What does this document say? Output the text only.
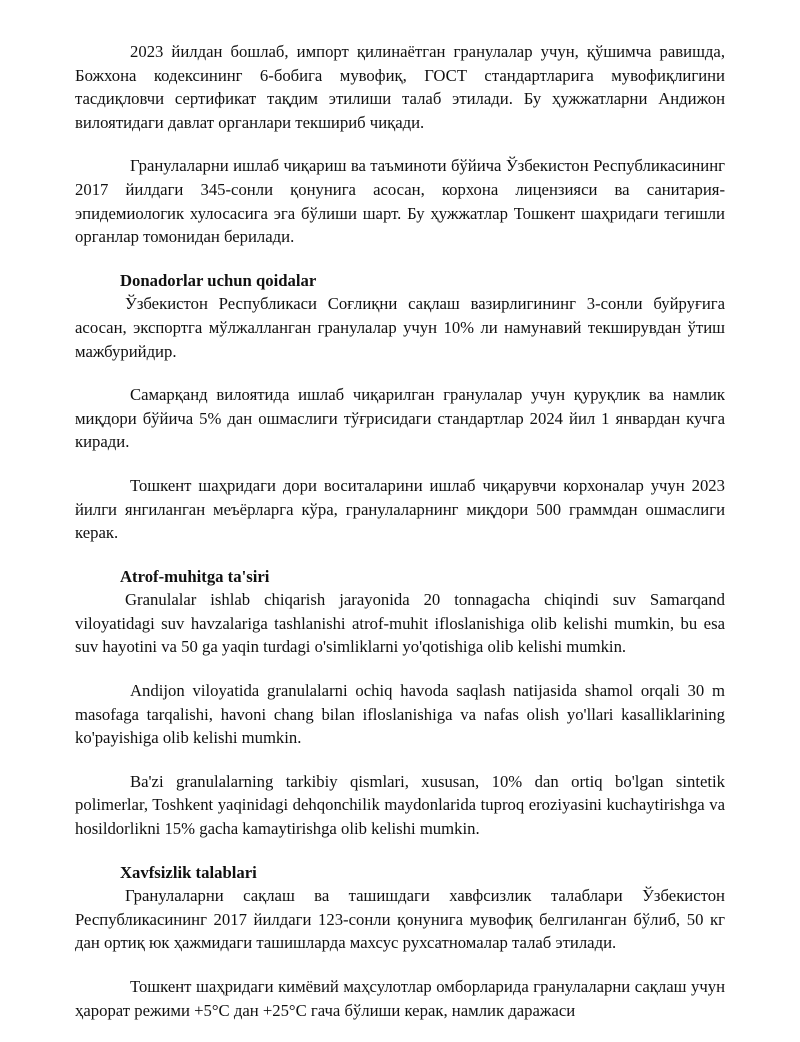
2023 йилдан бошлаб, импорт қилинаётган гранулалар учун, қўшимча равишда, Божхона кодексининг 6-бобига мувофиқ, ГОСТ стандартларига мувофиқлигини тасдиқловчи сертификат тақдим этилиши талаб этилади. Бу ҳужжатларни Андижон вилоятидаги давлат органлари текшириб чиқади.

Гранулаларни ишлаб чиқариш ва таъминоти бўйича Ўзбекистон Республикасининг 2017 йилдаги 345-сонли қонунига асосан, корхона лицензияси ва санитария-эпидемиологик хулосасига эга бўлиши шарт. Бу ҳужжатлар Тошкент шаҳридаги тегишли органлар томонидан берилади.

Donadorlar uchun qoidalar

Ўзбекистон Республикаси Соғлиқни сақлаш вазирлигининг 3-сонли буйруғига асосан, экспортга мўлжалланган гранулалар учун 10% ли намунавий текширувдан ўтиш мажбурийдир.

Самарқанд вилоятида ишлаб чиқарилган гранулалар учун қуруқлик ва намлик миқдори бўйича 5% дан ошмаслиги тўғрисидаги стандартлар 2024 йил 1 январдан кучга киради.

Тошкент шаҳридаги дори воситаларини ишлаб чиқарувчи корхоналар учун 2023 йилги янгиланган меъёрларга кўра, гранулаларнинг миқдори 500 граммдан ошмаслиги керак.

Atrof-muhitga ta'siri

Granulalar ishlab chiqarish jarayonida 20 tonnagacha chiqindi suv Samarqand viloyatidagi suv havzalariga tashlanishi atrof-muhit ifloslanishiga olib kelishi mumkin, bu esa suv hayotini va 50 ga yaqin turdagi o'simliklarni yo'qotishiga olib kelishi mumkin.

Andijon viloyatida granulalarni ochiq havoda saqlash natijasida shamol orqali 30 m masofaga tarqalishi, havoni chang bilan ifloslanishiga va nafas olish yo'llari kasalliklarining ko'payishiga olib kelishi mumkin.

Ba'zi granulalarning tarkibiy qismlari, xususan, 10% dan ortiq bo'lgan sintetik polimerlar, Toshkent yaqinidagi dehqonchilik maydonlarida tuproq eroziyasini kuchaytirishga va hosildorlikni 15% gacha kamaytirishga olib kelishi mumkin.

Xavfsizlik talablari

Гранулаларни сақлаш ва ташишдаги хавфсизлик талаблари Ўзбекистон Республикасининг 2017 йилдаги 123-сонли қонунига мувофиқ белгиланган бўлиб, 50 кг дан ортиқ юк ҳажмидаги ташишларда махсус рухсатномалар талаб этилади.

Тошкент шаҳридаги кимёвий маҳсулотлар омборларида гранулаларни сақлаш учун ҳарорат режими +5°C дан +25°C гача бўлиши керак, намлик даражаси
